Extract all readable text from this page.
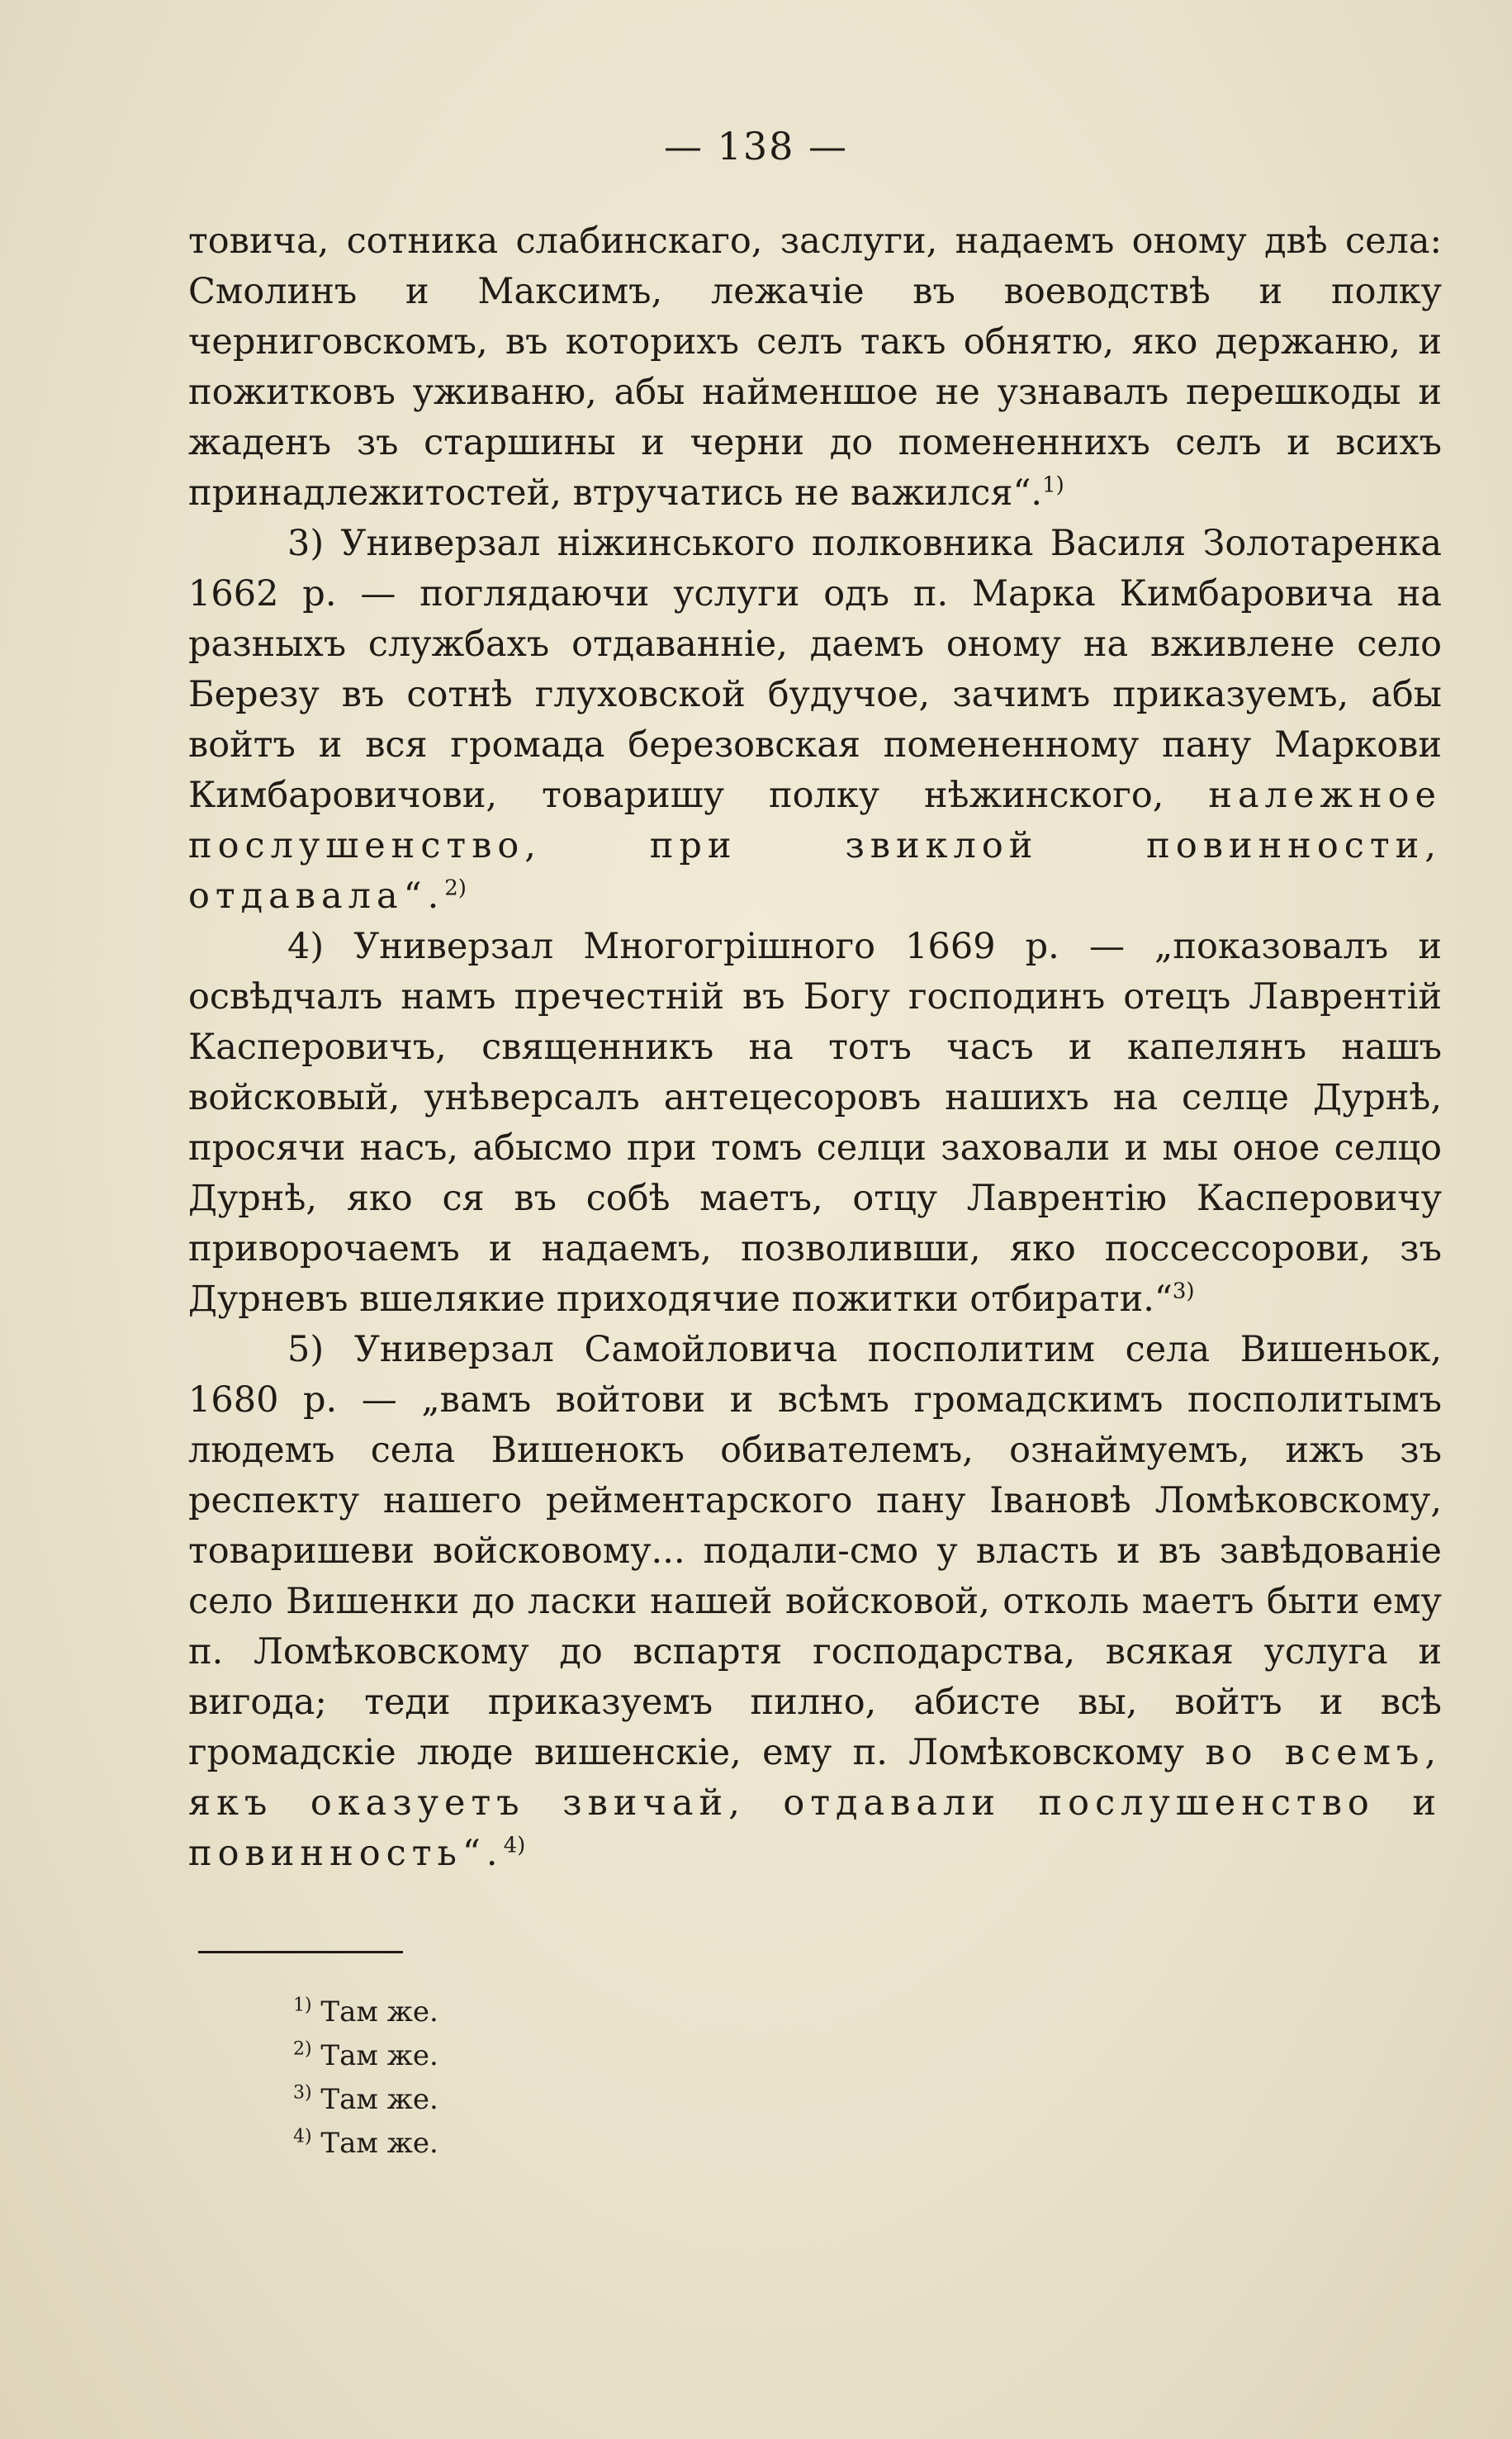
— 138 —

товича, сотника слабинскаго, заслуги, надаемъ оному двѣ села: Смолинъ и Максимъ, лежачіе въ воеводствѣ и полку черниговскомъ, въ которихъ селъ такъ обнятю, яко держаню, и пожитковъ уживаню, абы найменшое не узнавалъ перешкоды и жаденъ зъ старшины и черни до помененнихъ селъ и всихъ принадлежитостей, втручатись не важился“.$^{1)}$

3) Универзал ніжинського полковника Василя Золотаренка 1662 р. — поглядаючи услуги одъ п. Марка Кимбаровича на разныхъ службахъ отдаванніе, даемъ оному на вживлене село Березу въ сотнѣ глуховской будучое, зачимъ приказуемъ, абы войтъ и вся громада березовская помененному пану Маркови Кимбаровичови, товаришу полку нѣжинского, належное послушенство, при звиклой повинности, отдавала“.$^{2)}$

4) Универзал Многогрішного 1669 р. — „показовалъ и освѣдчалъ намъ пречестній въ Богу господинъ отецъ Лаврентій Касперовичъ, священникъ на тотъ часъ и капелянъ нашъ войсковый, унѣверсалъ антецесоровъ нашихъ на селце Дурнѣ, просячи насъ, абысмо при томъ селци заховали и мы оное селцо Дурнѣ, яко ся въ собѣ маетъ, отцу Лаврентію Касперовичу приворочаемъ и надаемъ, позволивши, яко поссессорови, зъ Дурневъ вшелякие приходячие пожитки отбирати.“$^{3)}$

5) Универзал Самойловича посполитим села Вишеньок, 1680 р. — „вамъ войтови и всѣмъ громадскимъ посполитымъ людемъ села Вишенокъ обивателемъ, ознаймуемъ, ижъ зъ респекту нашего рейментарского пану Івановѣ Ломѣковскому, товаришеви войсковому... подали-смо у власть и въ завѣдованіе село Вишенки до ласки нашей войсковой, отколь маетъ быти ему п. Ломѣковскому до вспартя господарства, всякая услуга и вигода; теди приказуемъ пилно, абисте вы, войтъ и всѣ громадскіе люде вишенскіе, ему п. Ломѣковскому во всемъ, якъ оказуетъ звичай, отдавали послушенство и повинность“.$^{4)}$

$^{1)}$ Там же.
$^{2)}$ Там же.
$^{3)}$ Там же.
$^{4)}$ Там же.
